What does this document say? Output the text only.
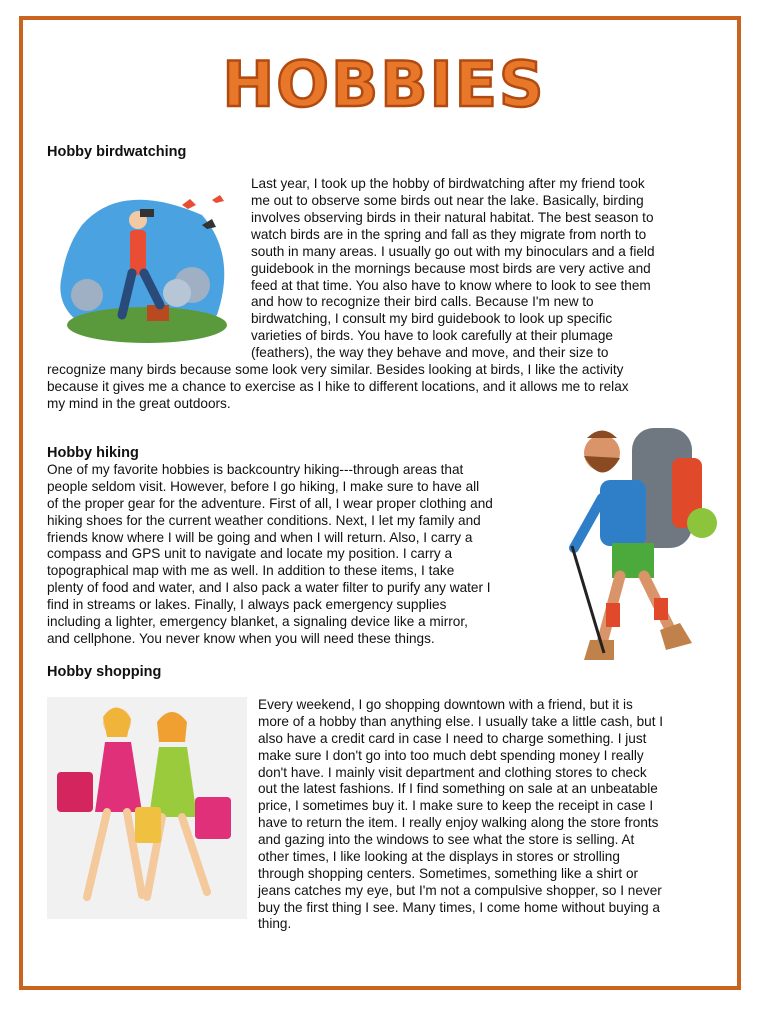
HOBBIES
Hobby birdwatching
Last year, I took up the hobby of birdwatching after my friend took
me out to observe some birds out near the lake. Basically, birding
involves observing birds in their natural habitat. The best season to
watch birds are in the spring and fall as they migrate from north to
south in many areas. I usually go out with my binoculars and a field
guidebook in the mornings because most birds are very active and
feed at that time. You also have to know where to look to see them
and how to recognize their bird calls. Because I'm new to
birdwatching, I consult my bird guidebook to look up specific
varieties of birds. You have to look carefully at their plumage
(feathers), the way they behave and move, and their size to
recognize many birds because some look very similar. Besides looking at birds, I like the activity
because it gives me a chance to exercise as I hike to different locations, and it allows me to relax
my mind in the great outdoors.
Hobby hiking
One of my favorite hobbies is backcountry hiking---through areas that
people seldom visit. However, before I go hiking, I make sure to have all
of the proper gear for the adventure. First of all, I wear proper clothing and
hiking shoes for the current weather conditions. Next, I let my family and
friends know where I will be going and when I will return. Also, I carry a
compass and GPS unit to navigate and locate my position. I carry a
topographical map with me as well. In addition to these items, I take
plenty of food and water, and I also pack a water filter to purify any water I
find in streams or lakes. Finally, I always pack emergency supplies
including a lighter, emergency blanket, a signaling device like a mirror,
and cellphone. You never know when you will need these things.
Hobby shopping
Every weekend, I go shopping downtown with a friend, but it is
more of a hobby than anything else. I usually take a little cash, but I
also have a credit card in case I need to charge something. I just
make sure I don't go into too much debt spending money I really
don't have. I mainly visit department and clothing stores to check
out the latest fashions. If I find something on sale at an unbeatable
price, I sometimes buy it. I make sure to keep the receipt in case I
have to return the item. I really enjoy walking along the store fronts
and gazing into the windows to see what the store is selling. At
other times, I like looking at the displays in stores or strolling
through shopping centers. Sometimes, something like a shirt or
jeans catches my eye, but I'm not a compulsive shopper, so I never
buy the first thing I see. Many times, I come home without buying a
thing.
